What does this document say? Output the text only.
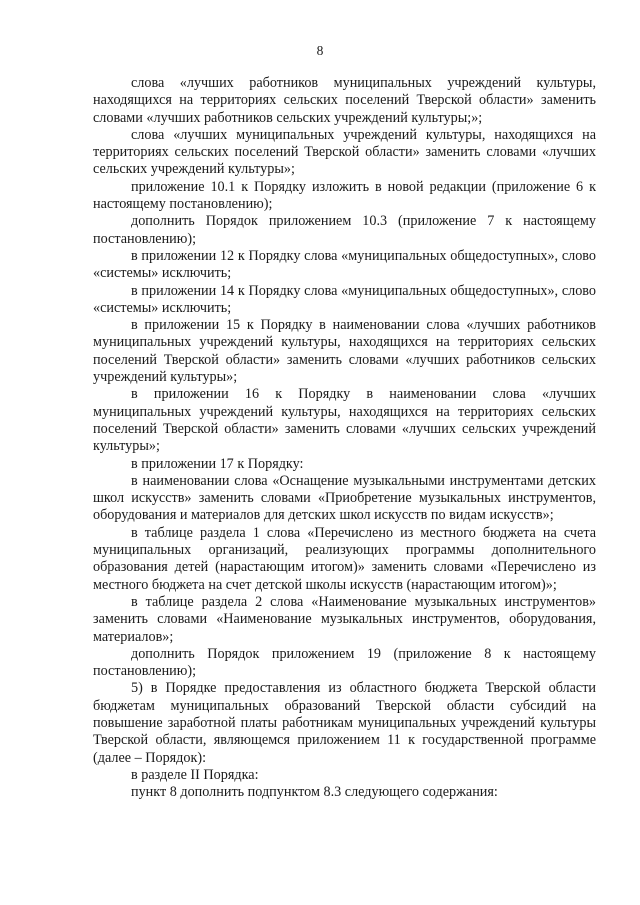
8

слова «лучших работников муниципальных учреждений культуры, находящихся на территориях сельских поселений Тверской области» заменить словами «лучших работников сельских учреждений культуры;»;

слова «лучших муниципальных учреждений культуры, находящихся на территориях сельских поселений Тверской области» заменить словами «лучших сельских учреждений культуры»;

приложение 10.1 к Порядку изложить в новой редакции (приложение 6 к настоящему постановлению);

дополнить Порядок приложением 10.3 (приложение 7 к настоящему постановлению);

в приложении 12 к Порядку слова «муниципальных общедоступных», слово «системы» исключить;

в приложении 14 к Порядку слова «муниципальных общедоступных», слово «системы» исключить;

в приложении 15 к Порядку в наименовании слова «лучших работников муниципальных учреждений культуры, находящихся на территориях сельских поселений Тверской области» заменить словами «лучших работников сельских учреждений культуры»;

в приложении 16 к Порядку в наименовании слова «лучших муниципальных учреждений культуры, находящихся на территориях сельских поселений Тверской области» заменить словами «лучших сельских учреждений культуры»;

в приложении 17 к Порядку:

в наименовании слова «Оснащение музыкальными инструментами детских школ искусств» заменить словами «Приобретение музыкальных инструментов, оборудования и материалов для детских школ искусств по видам искусств»;

в таблице раздела 1 слова «Перечислено из местного бюджета на счета муниципальных организаций, реализующих программы дополнительного образования детей (нарастающим итогом)» заменить словами «Перечислено из местного бюджета на счет детской школы искусств (нарастающим итогом)»;

в таблице раздела 2 слова «Наименование музыкальных инструментов» заменить словами «Наименование музыкальных инструментов, оборудования, материалов»;

дополнить Порядок приложением 19 (приложение 8 к настоящему постановлению);

5) в Порядке предоставления из областного бюджета Тверской области бюджетам муниципальных образований Тверской области субсидий на повышение заработной платы работникам муниципальных учреждений культуры Тверской области, являющемся приложением 11 к государственной программе (далее – Порядок):

в разделе II Порядка:

пункт 8 дополнить подпунктом 8.3 следующего содержания:
